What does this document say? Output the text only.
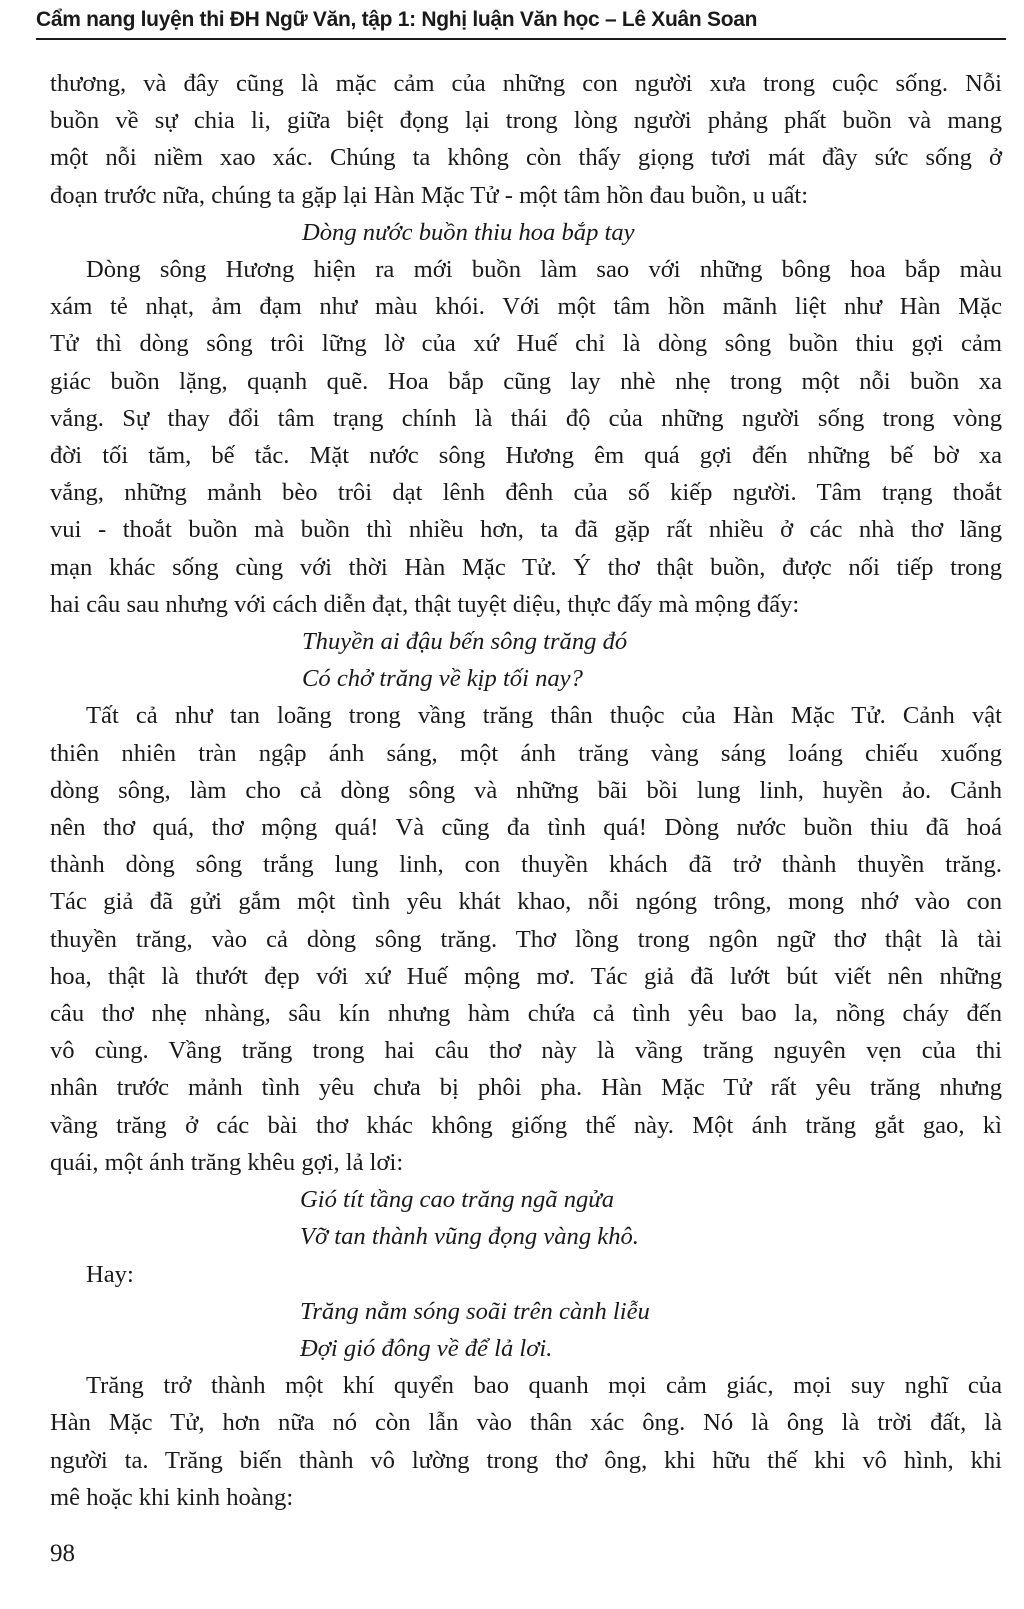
Cẩm nang luyện thi ĐH Ngữ Văn, tập 1: Nghị luận Văn học – Lê Xuân Soan
thương, và đây cũng là mặc cảm của những con người xưa trong cuộc sống. Nỗi
buồn về sự chia li, giữa biệt đọng lại trong lòng người phảng phất buồn và mang
một nỗi niềm xao xác. Chúng ta không còn thấy giọng tươi mát đầy sức sống ở
đoạn trước nữa, chúng ta gặp lại Hàn Mặc Tử - một tâm hồn đau buồn, u uất:
Dòng nước buồn thiu hoa bắp tay
Dòng sông Hương hiện ra mới buồn làm sao với những bông hoa bắp màu
xám tẻ nhạt, ảm đạm như màu khói. Với một tâm hồn mãnh liệt như Hàn Mặc
Tử thì dòng sông trôi lững lờ của xứ Huế chỉ là dòng sông buồn thiu gợi cảm
giác buồn lặng, quạnh quẽ. Hoa bắp cũng lay nhè nhẹ trong một nỗi buồn xa
vắng. Sự thay đổi tâm trạng chính là thái độ của những người sống trong vòng
đời tối tăm, bế tắc. Mặt nước sông Hương êm quá gợi đến những bế bờ xa
vắng, những mảnh bèo trôi dạt lênh đênh của số kiếp người. Tâm trạng thoắt
vui - thoắt buồn mà buồn thì nhiều hơn, ta đã gặp rất nhiều ở các nhà thơ lãng
mạn khác sống cùng với thời Hàn Mặc Tử. Ý thơ thật buồn, được nối tiếp trong
hai câu sau nhưng với cách diễn đạt, thật tuyệt diệu, thực đấy mà mộng đấy:
Thuyền ai đậu bến sông trăng đó
Có chở trăng về kịp tối nay?
Tất cả như tan loãng trong vầng trăng thân thuộc của Hàn Mặc Tử. Cảnh vật
thiên nhiên tràn ngập ánh sáng, một ánh trăng vàng sáng loáng chiếu xuống
dòng sông, làm cho cả dòng sông và những bãi bồi lung linh, huyền ảo. Cảnh
nên thơ quá, thơ mộng quá! Và cũng đa tình quá! Dòng nước buồn thiu đã hoá
thành dòng sông trắng lung linh, con thuyền khách đã trở thành thuyền trăng.
Tác giả đã gửi gắm một tình yêu khát khao, nỗi ngóng trông, mong nhớ vào con
thuyền trăng, vào cả dòng sông trăng. Thơ lồng trong ngôn ngữ thơ thật là tài
hoa, thật là thướt đẹp với xứ Huế mộng mơ. Tác giả đã lướt bút viết nên những
câu thơ nhẹ nhàng, sâu kín nhưng hàm chứa cả tình yêu bao la, nồng cháy đến
vô cùng. Vầng trăng trong hai câu thơ này là vầng trăng nguyên vẹn của thi
nhân trước mảnh tình yêu chưa bị phôi pha. Hàn Mặc Tử rất yêu trăng nhưng
vầng trăng ở các bài thơ khác không giống thế này. Một ánh trăng gắt gao, kì
quái, một ánh trăng khêu gợi, lả lơi:
Gió tít tầng cao trăng ngã ngửa
Vỡ tan thành vũng đọng vàng khô.
Hay:
Trăng nằm sóng soãi trên cành liễu
Đợi gió đông về để lả lơi.
Trăng trở thành một khí quyển bao quanh mọi cảm giác, mọi suy nghĩ của
Hàn Mặc Tử, hơn nữa nó còn lẫn vào thân xác ông. Nó là ông là trời đất, là
người ta. Trăng biến thành vô lường trong thơ ông, khi hữu thế khi vô hình, khi
mê hoặc khi kinh hoàng:
98
